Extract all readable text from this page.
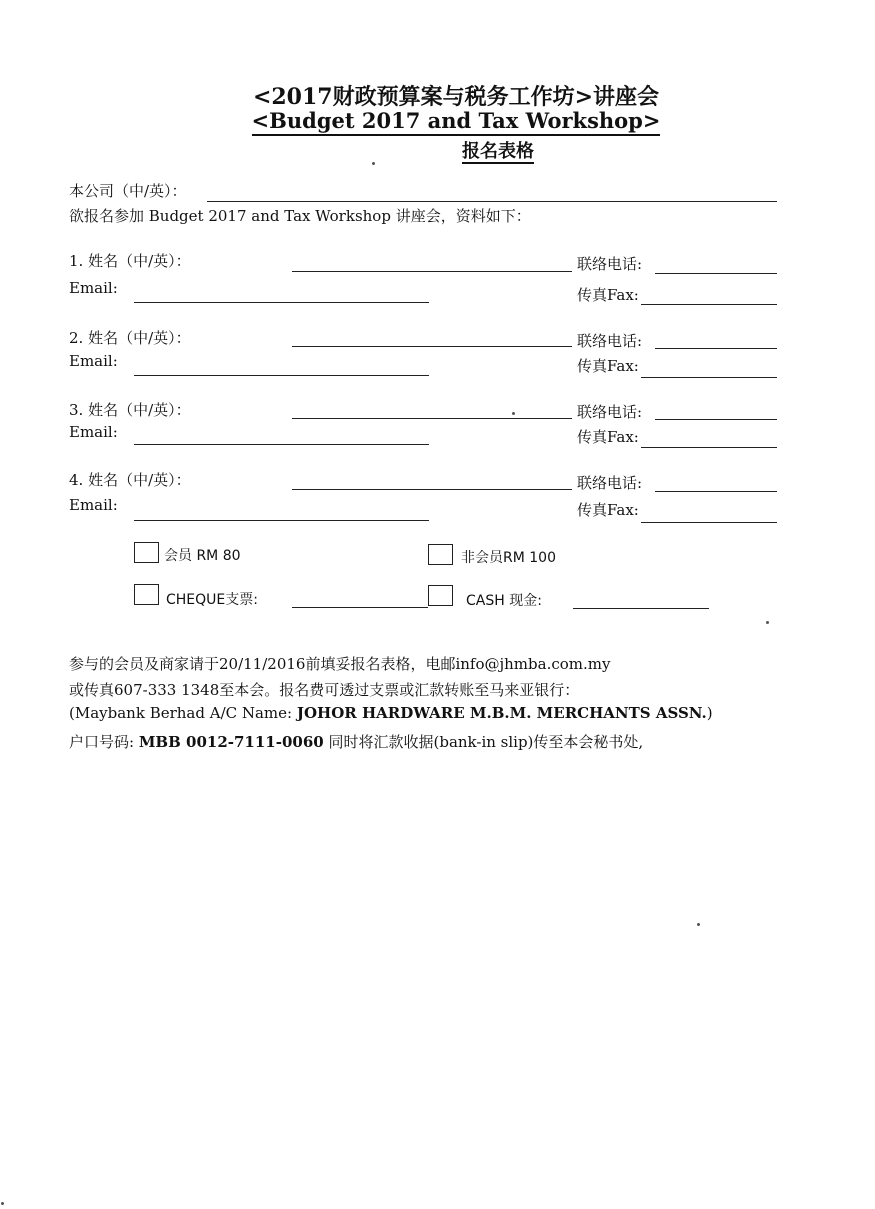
<2017财政预算案与税务工作坊>讲座会
<Budget 2017 and Tax Workshop>
报名表格
本公司（中/英）：
欲报名参加 Budget 2017 and Tax Workshop 讲座会，资料如下：
1. 姓名（中/英）：	联络电话:
Email:	传真Fax:
2. 姓名（中/英）：	联络电话:
Email:	传真Fax:
3. 姓名（中/英）：	联络电话:
Email:	传真Fax:
4. 姓名（中/英）：	联络电话:
Email:	传真Fax:
会员 RM 80	非会员RM 100
CHEQUE支票:	CASH 现金:
参与的会员及商家请于20/11/2016前填妥报名表格，电邮info@jhmba.com.my
或传真607-333 1348至本会。报名费可透过支票或汇款转账至马来亚银行：
(Maybank Berhad A/C Name: JOHOR HARDWARE M.B.M. MERCHANTS ASSN.)
户口号码: MBB 0012-7111-0060 同时将汇款收据(bank-in slip)传至本会秘书处,
